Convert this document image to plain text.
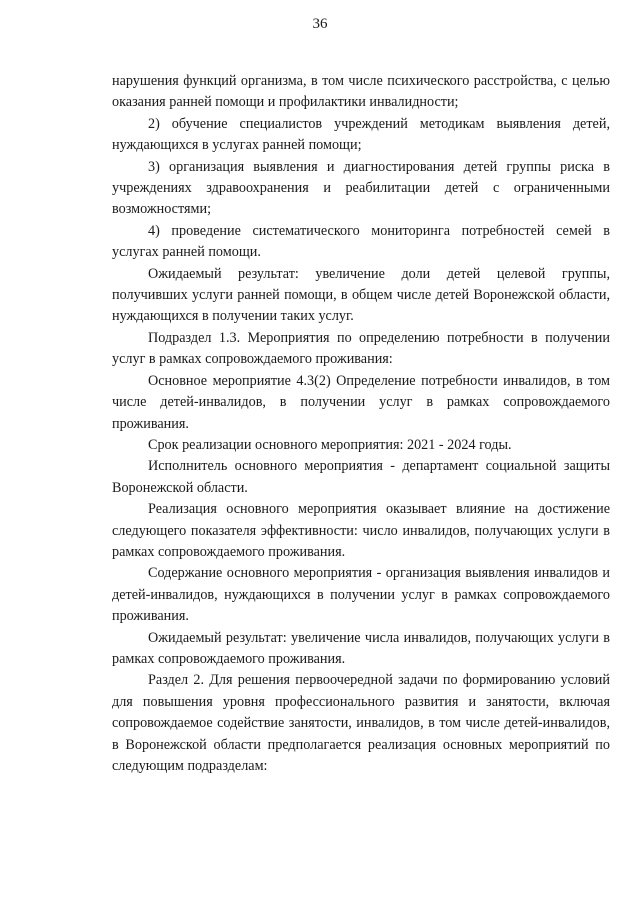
36

нарушения функций организма, в том числе психического расстройства, с целью оказания ранней помощи и профилактики инвалидности;

2) обучение специалистов учреждений методикам выявления детей, нуждающихся в услугах ранней помощи;

3) организация выявления и диагностирования детей группы риска в учреждениях здравоохранения и реабилитации детей с ограниченными возможностями;

4) проведение систематического мониторинга потребностей семей в услугах ранней помощи.

Ожидаемый результат: увеличение доли детей целевой группы, получивших услуги ранней помощи, в общем числе детей Воронежской области, нуждающихся в получении таких услуг.

Подраздел 1.3. Мероприятия по определению потребности в получении услуг в рамках сопровождаемого проживания:

Основное мероприятие 4.3(2) Определение потребности инвалидов, в том числе детей-инвалидов, в получении услуг в рамках сопровождаемого проживания.

Срок реализации основного мероприятия: 2021 - 2024 годы.

Исполнитель основного мероприятия - департамент социальной защиты Воронежской области.

Реализация основного мероприятия оказывает влияние на достижение следующего показателя эффективности: число инвалидов, получающих услуги в рамках сопровождаемого проживания.

Содержание основного мероприятия - организация выявления инвалидов и детей-инвалидов, нуждающихся в получении услуг в рамках сопровождаемого проживания.

Ожидаемый результат: увеличение числа инвалидов, получающих услуги в рамках сопровождаемого проживания.

Раздел 2. Для решения первоочередной задачи по формированию условий для повышения уровня профессионального развития и занятости, включая сопровождаемое содействие занятости, инвалидов, в том числе детей-инвалидов, в Воронежской области предполагается реализация основных мероприятий по следующим подразделам:
